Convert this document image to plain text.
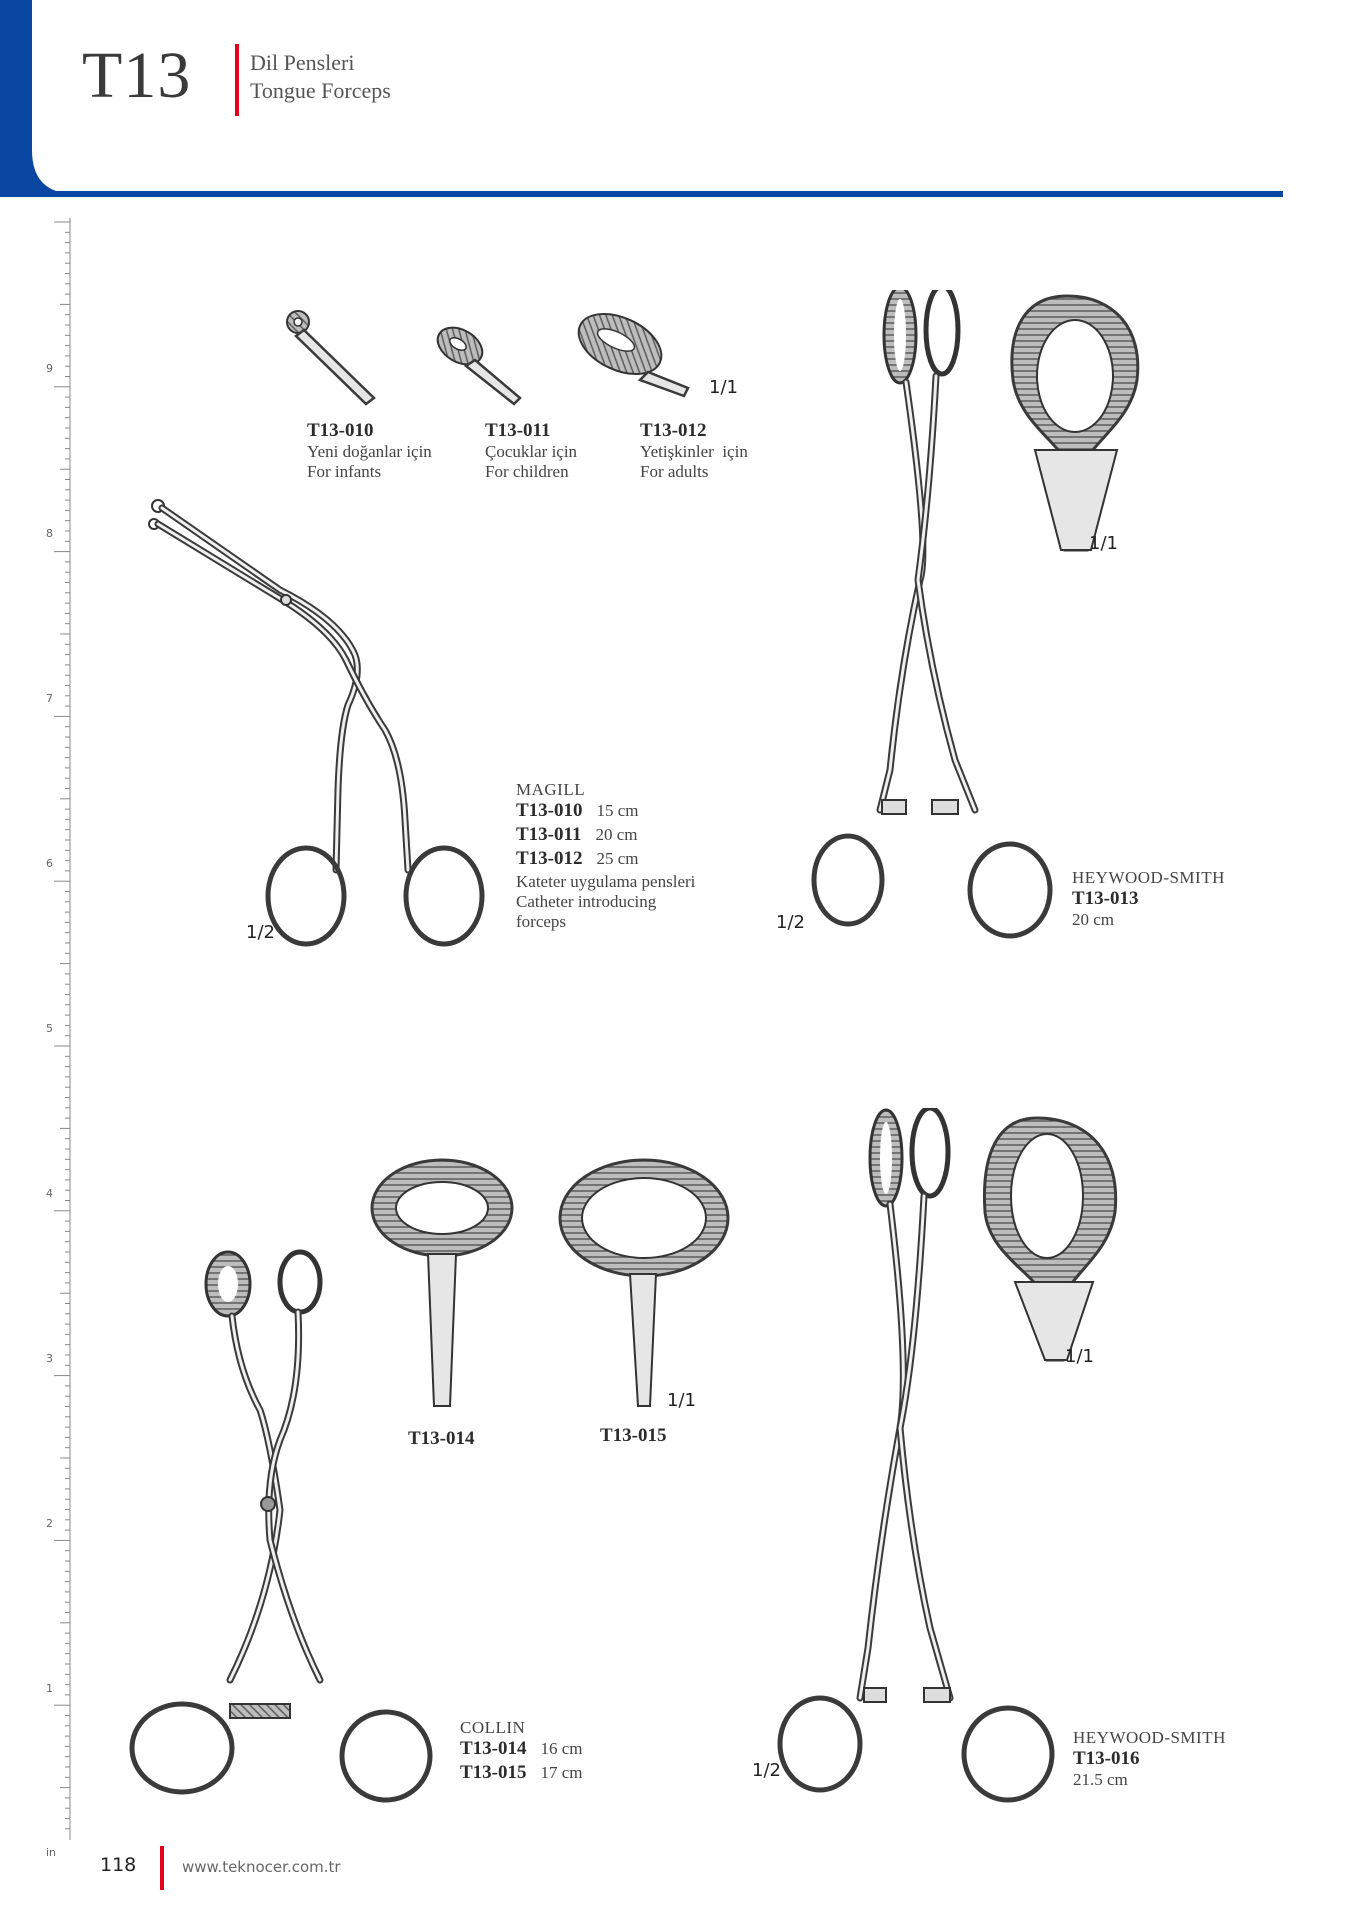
T13	Dil Pensleri
Tongue Forceps
9
8
7
6
5
4
3
2
1
in
1/1
T13-010
Yeni doğanlar için
For infants
T13-011
Çocuklar için
For children
T13-012
Yetişkinler  için
For adults
1/2
MAGILL
T13-010 15 cm
T13-011 20 cm
T13-012 25 cm
Kateter uygulama pensleri
Catheter introducing
forceps	1/2
1/1
HEYWOOD-SMITH
T13-013
20 cm
1/1
T13-014	T13-015
COLLIN
T13-014 16 cm
T13-015 17 cm	1/2
1/1
HEYWOOD-SMITH
T13-016
21.5 cm
118	www.teknocer.com.tr
